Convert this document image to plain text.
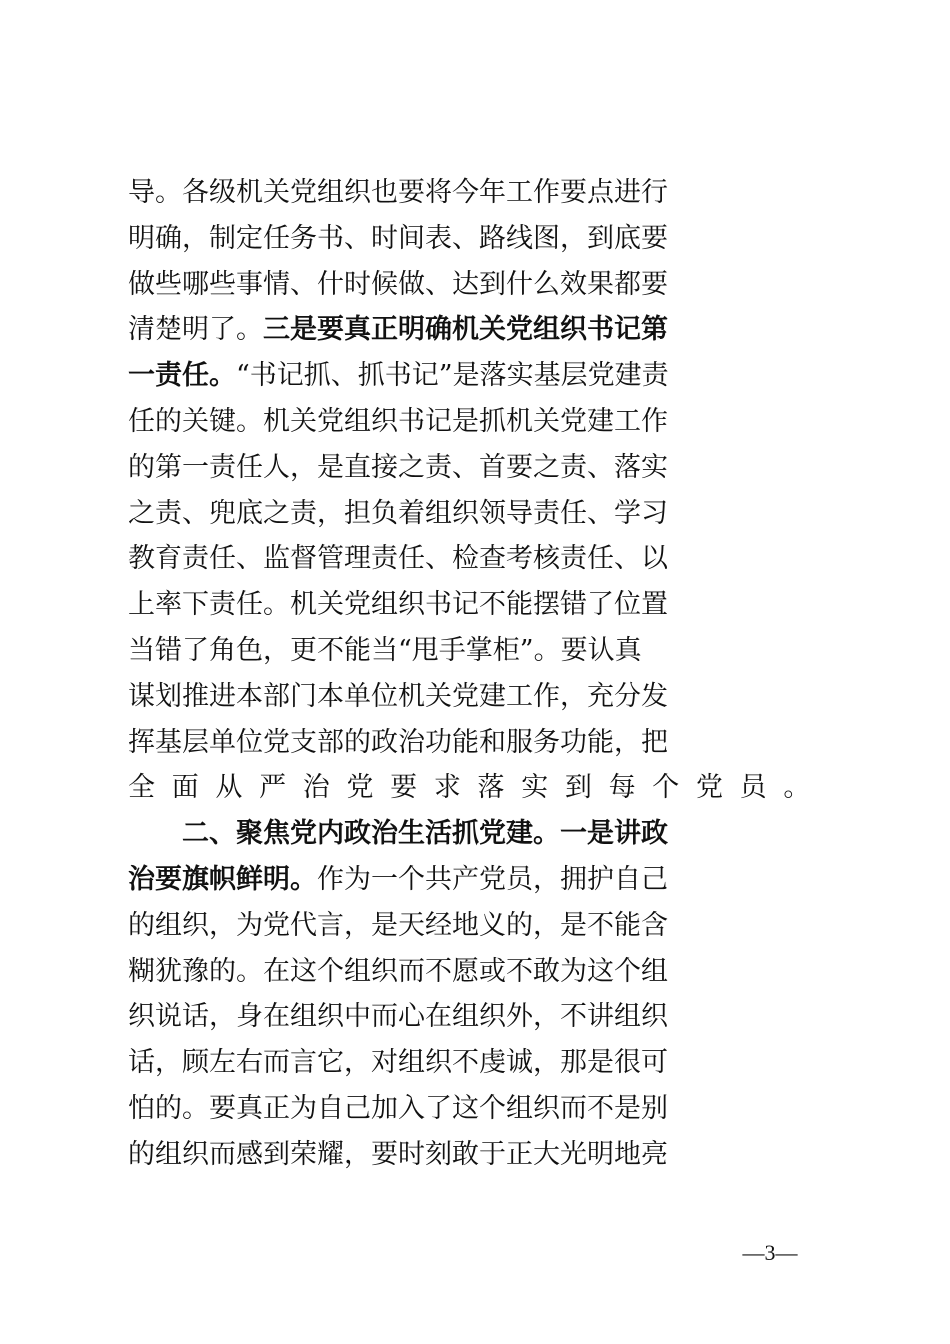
导。各级机关党组织也要将今年工作要点进行
明确，制定任务书、时间表、路线图，到底要
做些哪些事情、什时候做、达到什么效果都要
清楚明了。三是要真正明确机关党组织书记第
一责任。“书记抓、抓书记”是落实基层党建责
任的关键。机关党组织书记是抓机关党建工作
的第一责任人，是直接之责、首要之责、落实
之责、兜底之责，担负着组织领导责任、学习
教育责任、监督管理责任、检查考核责任、以
上率下责任。机关党组织书记不能摆错了位置
当错了角色，更不能当“甩手掌柜”。要认真
谋划推进本部门本单位机关党建工作，充分发
挥基层单位党支部的政治功能和服务功能，把
全 面 从 严 治 党 要 求 落 实 到 每 个 党 员 。
二、聚焦党内政治生活抓党建。一是讲政
治要旗帜鲜明。作为一个共产党员，拥护自己
的组织，为党代言，是天经地义的，是不能含
糊犹豫的。在这个组织而不愿或不敢为这个组
织说话，身在组织中而心在组织外，不讲组织
话，顾左右而言它，对组织不虔诚，那是很可
怕的。要真正为自己加入了这个组织而不是别
的组织而感到荣耀，要时刻敢于正大光明地亮
—3—
